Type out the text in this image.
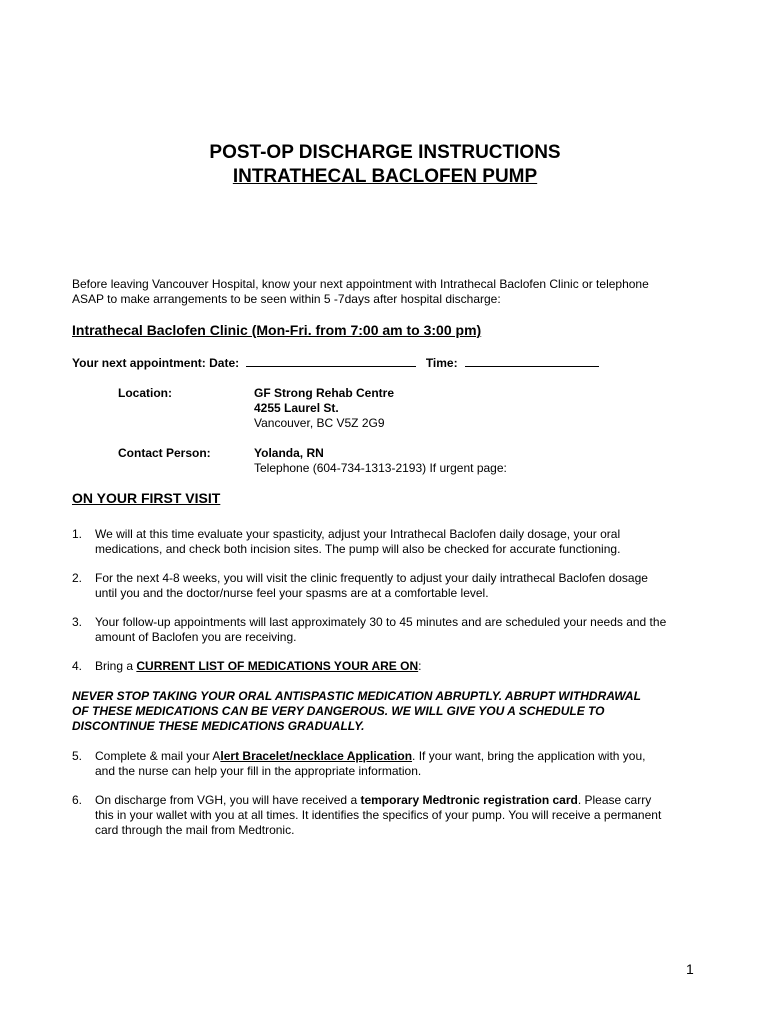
POST-OP DISCHARGE INSTRUCTIONS
INTRATHECAL BACLOFEN PUMP
Before leaving Vancouver Hospital, know your next appointment with Intrathecal Baclofen Clinic or telephone
ASAP to make arrangements to be seen within 5 -7days after hospital discharge:
Intrathecal Baclofen Clinic (Mon-Fri. from 7:00 am to 3:00 pm)
Your next appointment: Date:	Time:
Location:	GF Strong Rehab Centre
4255 Laurel St.
Vancouver, BC V5Z 2G9
Contact Person:	Yolanda, RN
Telephone (604-734-1313-2193) If urgent page:
ON YOUR FIRST VISIT
1. We will at this time evaluate your spasticity, adjust your Intrathecal Baclofen daily dosage, your oral
medications, and check both incision sites. The pump will also be checked for accurate functioning.
2. For the next 4-8 weeks, you will visit the clinic frequently to adjust your daily intrathecal Baclofen dosage
until you and the doctor/nurse feel your spasms are at a comfortable level.
3. Your follow-up appointments will last approximately 30 to 45 minutes and are scheduled your needs and the
amount of Baclofen you are receiving.
4. Bring a CURRENT LIST OF MEDICATIONS YOUR ARE ON:
NEVER STOP TAKING YOUR ORAL ANTISPASTIC MEDICATION ABRUPTLY. ABRUPT WITHDRAWAL
OF THESE MEDICATIONS CAN BE VERY DANGEROUS. WE WILL GIVE YOU A SCHEDULE TO
DISCONTINUE THESE MEDICATIONS GRADUALLY.
5. Complete & mail your Alert Bracelet/necklace Application. If your want, bring the application with you,
and the nurse can help your fill in the appropriate information.
6. On discharge from VGH, you will have received a temporary Medtronic registration card. Please carry
this in your wallet with you at all times. It identifies the specifics of your pump. You will receive a permanent
card through the mail from Medtronic.
1
